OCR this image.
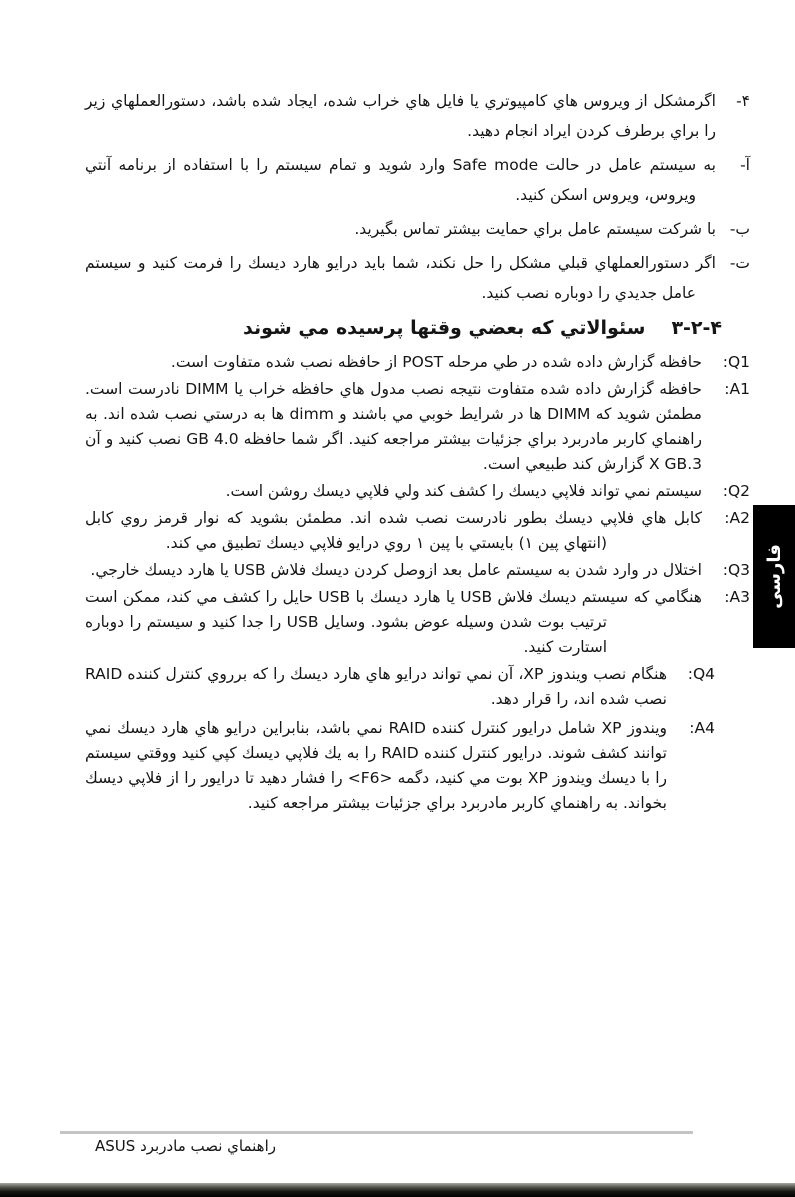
۴-
اگرمشكل از ويروس هاي كامپيوتري يا فايل هاي خراب شده، ايجاد شده باشد، دستورالعملهاي زير را براي برطرف كردن ايراد انجام دهيد.
آ-
به سيستم عامل در حالت Safe mode وارد شويد و تمام سيستم را با استفاده از برنامه آنتي ويروس، ويروس اسكن كنيد.
ب-
با شركت سيستم عامل براي حمايت بيشتر تماس بگيريد.
ت-
اگر دستورالعملهاي قبلي مشكل را حل نكند، شما بايد درايو هارد ديسك را فرمت كنيد و سيستم عامل جديدي را دوباره نصب كنيد.
۳-۲-۴
سئوالاتي كه بعضي وقتها پرسيده مي شوند
Q1:
حافظه گزارش داده شده در طي مرحله POST از حافظه نصب شده متفاوت است.
A1:
حافظه گزارش داده شده متفاوت نتيجه نصب مدول هاي حافظه خراب يا DIMM نادرست است. مطمئن شويد كه DIMM ها در شرايط خوبي مي باشند و dimm ها به درستي نصب شده اند. به راهنماي كاربر مادربرد براي جزئيات بيشتر مراجعه كنيد. اگر شما حافظه 4.0 GB نصب كنيد و آن 3.X GB گزارش كند طبيعي است.
Q2:
سيستم نمي تواند فلاپي ديسك را كشف كند ولي فلاپي ديسك روشن است.
A2:
كابل هاي فلاپي ديسك بطور نادرست نصب شده اند. مطمئن بشويد كه نوار قرمز روي كابل (انتهاي پين ۱) بايستي با پين ۱ روي درايو فلاپي ديسك تطبيق مي كند.
Q3:
اختلال در وارد شدن به سيستم عامل بعد ازوصل كردن ديسك فلاش USB يا هارد ديسك خارجي.
A3:
هنگامي كه سيستم ديسك فلاش USB يا هارد ديسك با USB حايل را كشف مي كند، ممكن است ترتيب بوت شدن وسيله عوض بشود. وسايل USB را جدا كنيد و سيستم را دوباره استارت كنيد.
Q4:
هنگام نصب ويندوز XP، آن نمي تواند درايو هاي هارد ديسك را كه برروي كنترل كننده RAID نصب شده اند، را قرار دهد.
A4:
ويندوز XP شامل درايور كنترل كننده RAID نمي باشد، بنابراين درايو هاي هارد ديسك نمي توانند كشف شوند. درايور كنترل كننده RAID را به يك فلاپي ديسك كپي كنيد ووقتي سيستم را با ديسك ويندوز XP بوت مي كنيد، دگمه <F6> را فشار دهيد تا درايور را از فلاپي ديسك بخواند. به راهنماي كاربر مادربرد براي جزئيات بيشتر مراجعه كنيد.
فارسی
راهنماي نصب مادربرد ASUS
